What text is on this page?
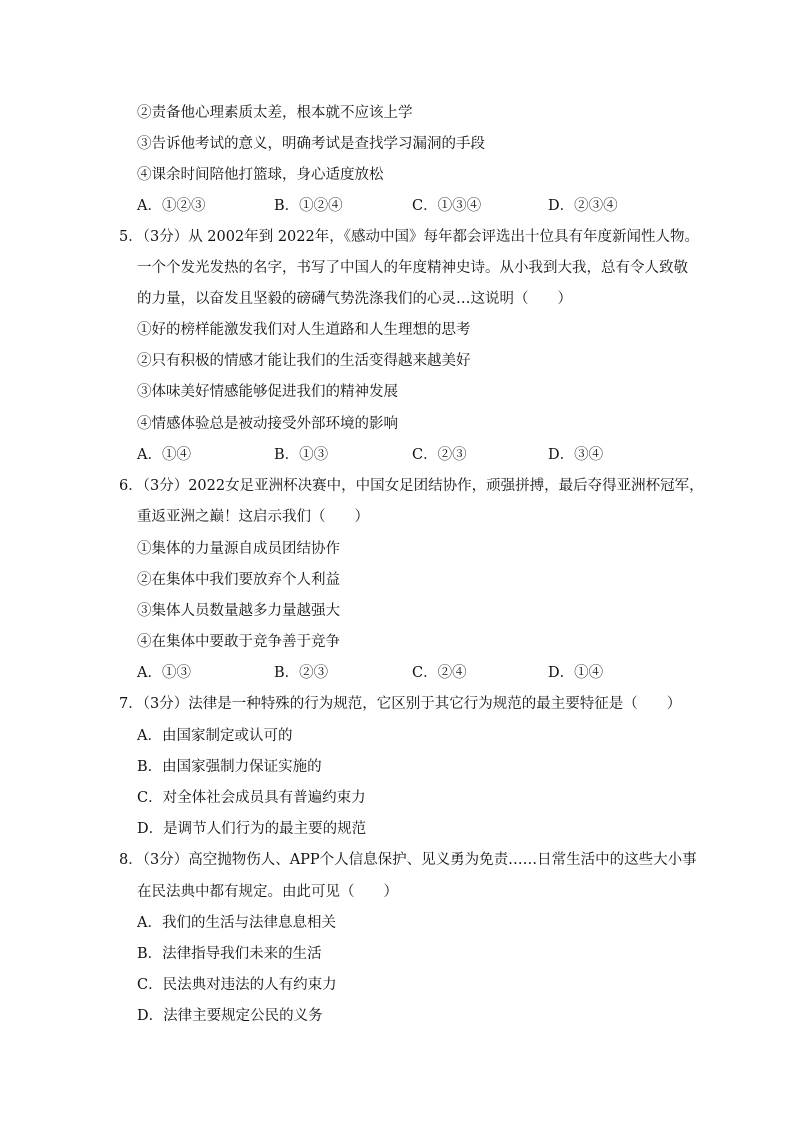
②责备他心理素质太差，根本就不应该上学
③告诉他考试的意义，明确考试是查找学习漏洞的手段
④课余时间陪他打篮球，身心适度放松
A．①②③	B．①②④	C．①③④	D．②③④
5．（3分）从 2002年到 2022年，《感动中国》每年都会评选出十位具有年度新闻性人物。
一个个发光发热的名字，书写了中国人的年度精神史诗。从小我到大我，总有令人致敬
的力量，以奋发且坚毅的磅礴气势洗涤我们的心灵…这说明（　　）
①好的榜样能激发我们对人生道路和人生理想的思考
②只有积极的情感才能让我们的生活变得越来越美好
③体味美好情感能够促进我们的精神发展
④情感体验总是被动接受外部环境的影响
A．①④	B．①③	C．②③	D．③④
6．（3分）2022女足亚洲杯决赛中，中国女足团结协作，顽强拼搏，最后夺得亚洲杯冠军，
重返亚洲之巅！这启示我们（　　）
①集体的力量源自成员团结协作
②在集体中我们要放弃个人利益
③集体人员数量越多力量越强大
④在集体中要敢于竞争善于竞争
A．①③	B．②③	C．②④	D．①④
7．（3分）法律是一种特殊的行为规范，它区别于其它行为规范的最主要特征是（　　）
A．由国家制定或认可的
B．由国家强制力保证实施的
C．对全体社会成员具有普遍约束力
D．是调节人们行为的最主要的规范
8．（3分）高空抛物伤人、APP个人信息保护、见义勇为免责……日常生活中的这些大小事
在民法典中都有规定。由此可见（　　）
A．我们的生活与法律息息相关
B．法律指导我们未来的生活
C．民法典对违法的人有约束力
D．法律主要规定公民的义务
